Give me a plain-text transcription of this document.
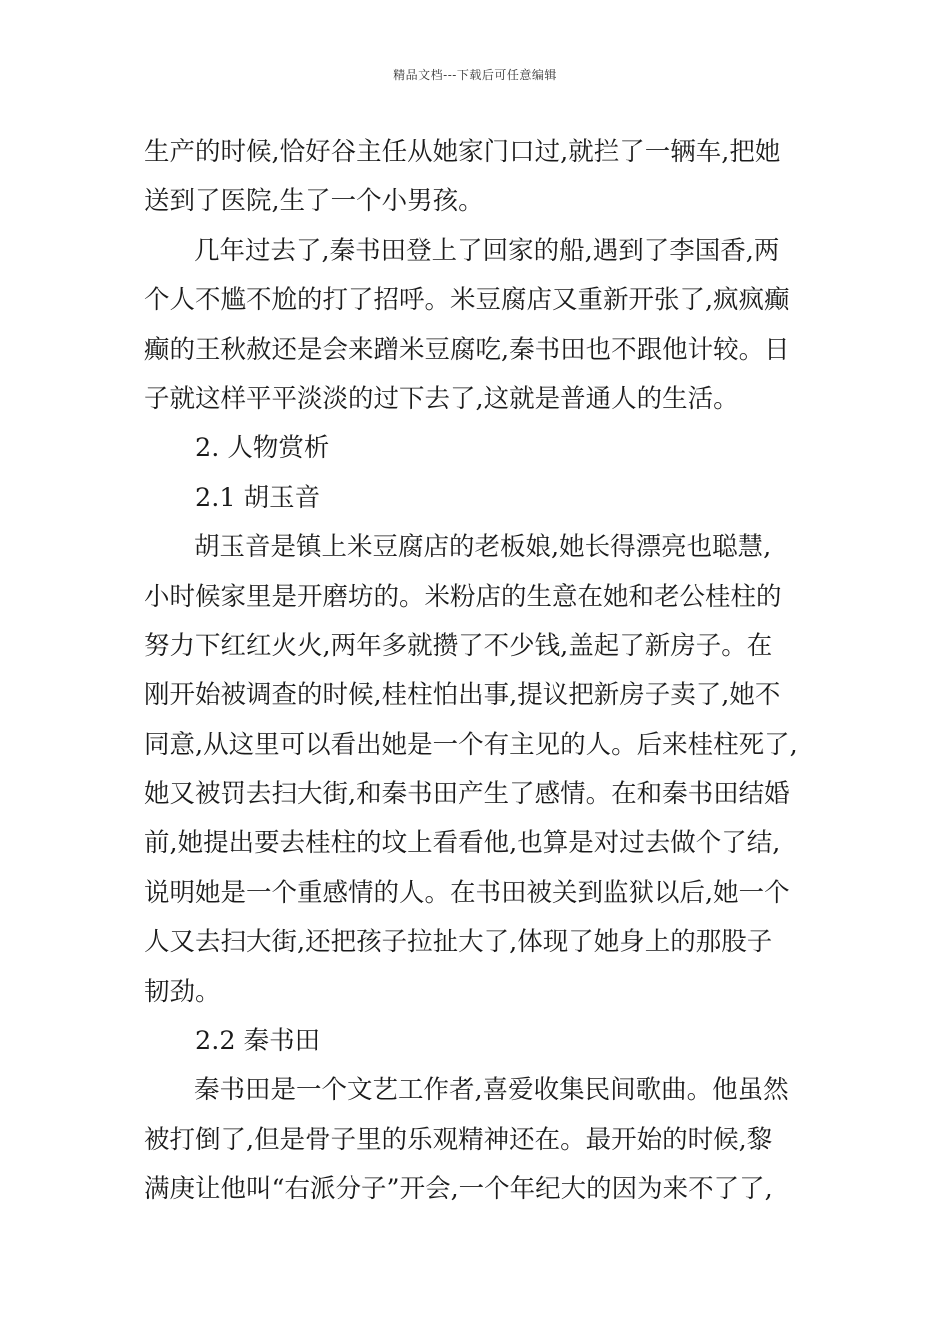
精品文档---下载后可任意编辑
生产的时候,恰好谷主任从她家门口过,就拦了一辆车,把她
送到了医院,生了一个小男孩。
几年过去了,秦书田登上了回家的船,遇到了李国香,两
个人不尴不尬的打了招呼。米豆腐店又重新开张了,疯疯癫
癫的王秋赦还是会来蹭米豆腐吃,秦书田也不跟他计较。日
子就这样平平淡淡的过下去了,这就是普通人的生活。
2. 人物赏析
2.1 胡玉音
胡玉音是镇上米豆腐店的老板娘,她长得漂亮也聪慧,
小时候家里是开磨坊的。米粉店的生意在她和老公桂柱的
努力下红红火火,两年多就攒了不少钱,盖起了新房子。在
刚开始被调查的时候,桂柱怕出事,提议把新房子卖了,她不
同意,从这里可以看出她是一个有主见的人。后来桂柱死了,
她又被罚去扫大街,和秦书田产生了感情。在和秦书田结婚
前,她提出要去桂柱的坟上看看他,也算是对过去做个了结,
说明她是一个重感情的人。在书田被关到监狱以后,她一个
人又去扫大街,还把孩子拉扯大了,体现了她身上的那股子
韧劲。
2.2 秦书田
秦书田是一个文艺工作者,喜爱收集民间歌曲。他虽然
被打倒了,但是骨子里的乐观精神还在。最开始的时候,黎
满庚让他叫“右派分子”开会,一个年纪大的因为来不了了,
